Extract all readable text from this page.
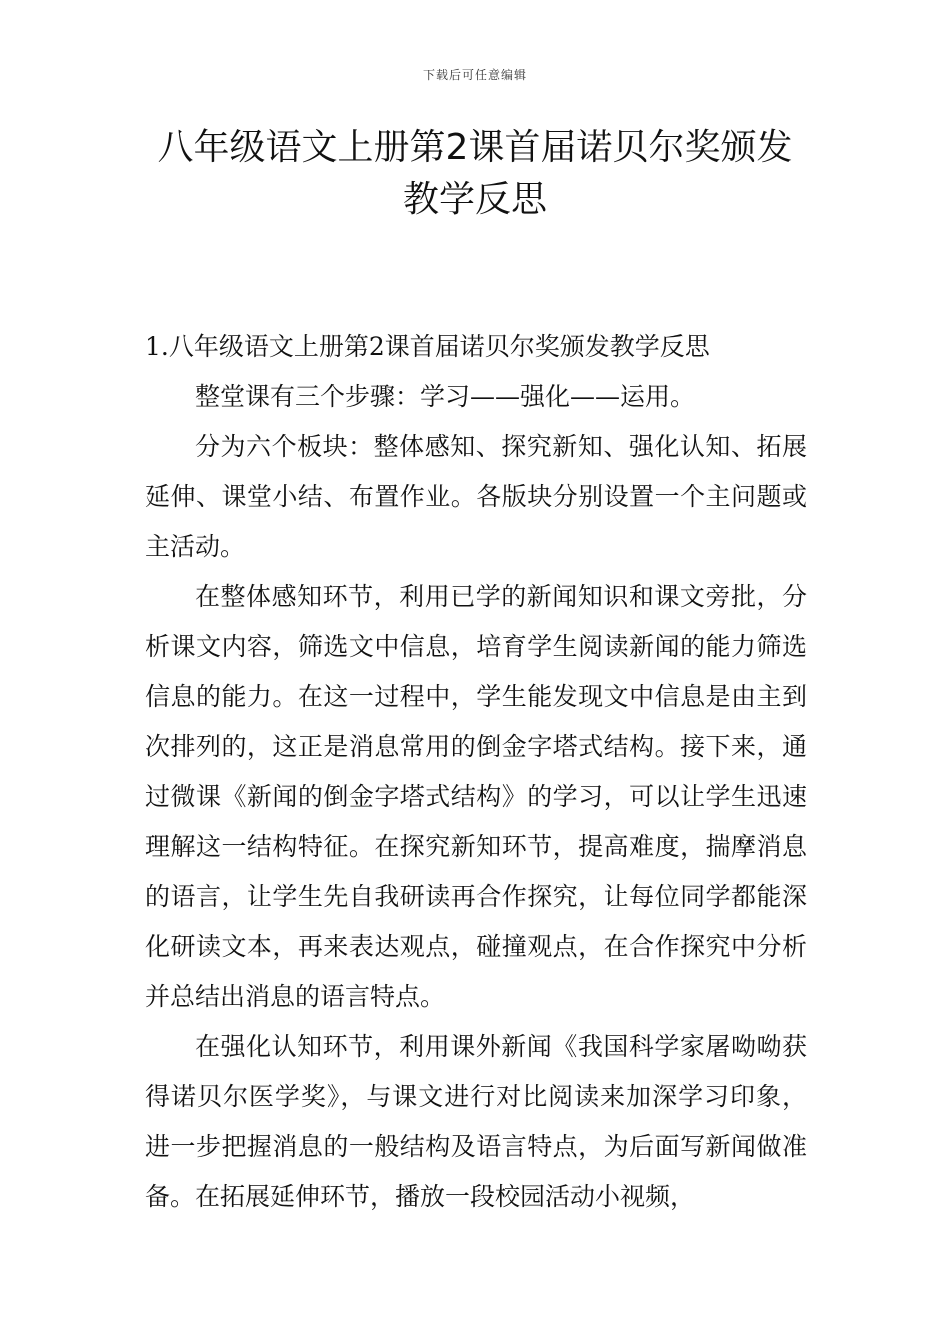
下载后可任意编辑
八年级语文上册第2课首届诺贝尔奖颁发
教学反思

1.八年级语文上册第2课首届诺贝尔奖颁发教学反思

整堂课有三个步骤：学习——强化——运用。

分为六个板块：整体感知、探究新知、强化认知、拓展延伸、课堂小结、布置作业。各版块分别设置一个主问题或主活动。

在整体感知环节，利用已学的新闻知识和课文旁批，分析课文内容，筛选文中信息，培育学生阅读新闻的能力筛选信息的能力。在这一过程中，学生能发现文中信息是由主到次排列的，这正是消息常用的倒金字塔式结构。接下来，通过微课《新闻的倒金字塔式结构》的学习，可以让学生迅速理解这一结构特征。在探究新知环节，提高难度，揣摩消息的语言，让学生先自我研读再合作探究，让每位同学都能深化研读文本，再来表达观点，碰撞观点，在合作探究中分析并总结出消息的语言特点。

在强化认知环节，利用课外新闻《我国科学家屠呦呦获得诺贝尔医学奖》，与课文进行对比阅读来加深学习印象，进一步把握消息的一般结构及语言特点，为后面写新闻做准备。在拓展延伸环节，播放一段校园活动小视频，
